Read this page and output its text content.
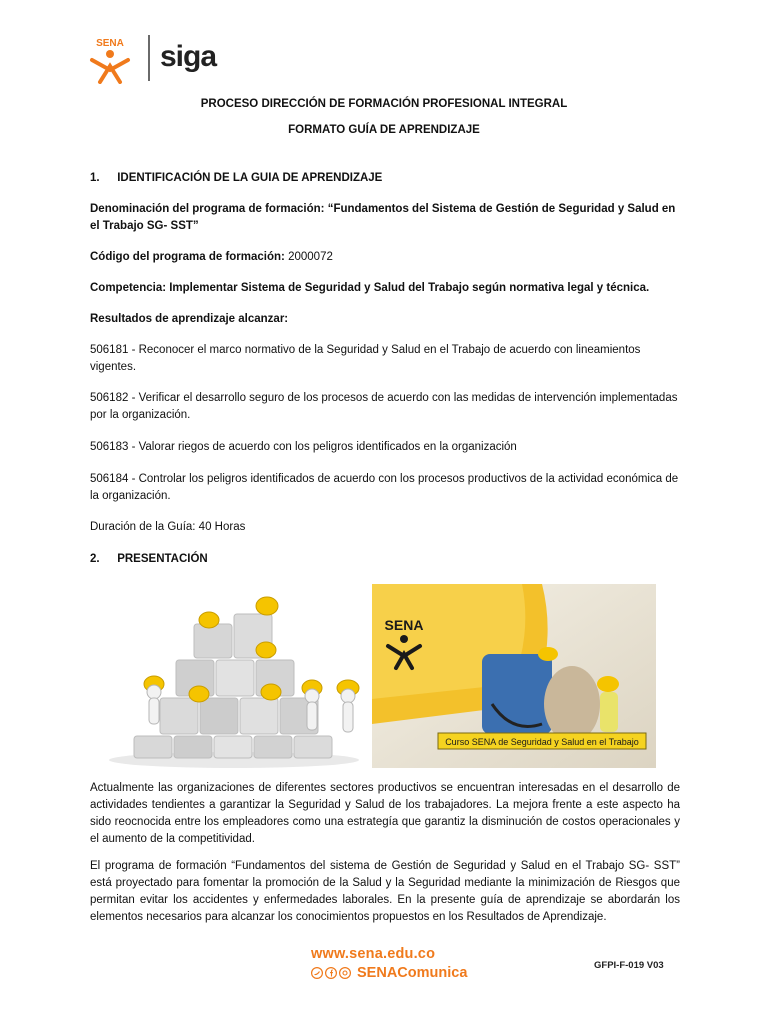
SENA siga
PROCESO DIRECCIÓN DE FORMACIÓN PROFESIONAL INTEGRAL
FORMATO GUÍA DE APRENDIZAJE
1. IDENTIFICACIÓN DE LA GUIA DE APRENDIZAJE
Denominación del programa de formación: “Fundamentos del Sistema de Gestión de Seguridad y Salud en el Trabajo SG- SST”
Código del programa de formación: 2000072
Competencia: Implementar Sistema de Seguridad y Salud del Trabajo según normativa legal y técnica.
Resultados de aprendizaje alcanzar:
506181 - Reconocer el marco normativo de la Seguridad y Salud en el Trabajo de acuerdo con lineamientos vigentes.
506182 - Verificar el desarrollo seguro de los procesos de acuerdo con las medidas de intervención implementadas por la organización.
506183 - Valorar riegos de acuerdo con los peligros identificados en la organización
506184 - Controlar los peligros identificados de acuerdo con los procesos productivos de la actividad económica de la organización.
Duración de la Guía: 40 Horas
2. PRESENTACIÓN
SENA
Curso SENA de Seguridad y Salud en el Trabajo
Actualmente las organizaciones de diferentes sectores productivos se encuentran interesadas en el desarrollo de actividades tendientes a garantizar la Seguridad y Salud de los trabajadores. La mejora frente a este aspecto ha sido reocnocida entre los empleadores como una estrategía que garantiz la disminución de costos operacionales y el aumento de la competitividad.
El programa de formación “Fundamentos del sistema de Gestión de Seguridad y Salud en el Trabajo SG- SST” está proyectado para fomentar la promoción de la Salud y la Seguridad mediante la minimización de Riesgos que permitan evitar los accidentes y enfermedades laborales. En la presente guía de aprendizaje se abordarán los elementos necesarios para alcanzar los conocimientos propuestos en los Resultados de Aprendizaje.
www.sena.edu.co
SENAComunica	GFPI-F-019 V03
